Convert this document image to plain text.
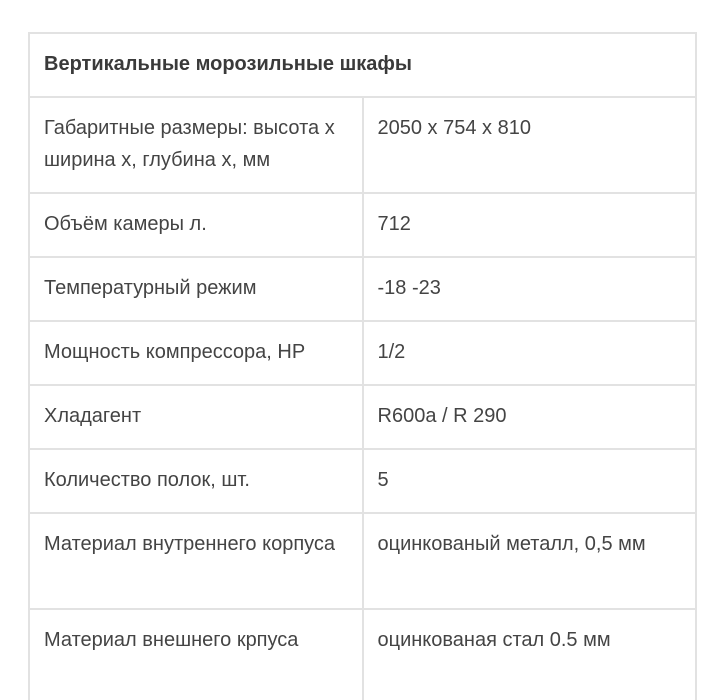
Вертикальные морозильные шкафы	
Габаритные размеры: высота х ширина х, глубина х, мм	2050 х 754 х 810
Объём камеры л.	712
Температурный режим	-18 -23
Мощность компрессора, HP	1/2
Хладагент	R600a / R 290
Количество полок, шт.	5
Материал внутреннего корпуса	оцинкованый металл, 0,5 мм
Материал внешнего крпуса	оцинкованая стал 0.5 мм
